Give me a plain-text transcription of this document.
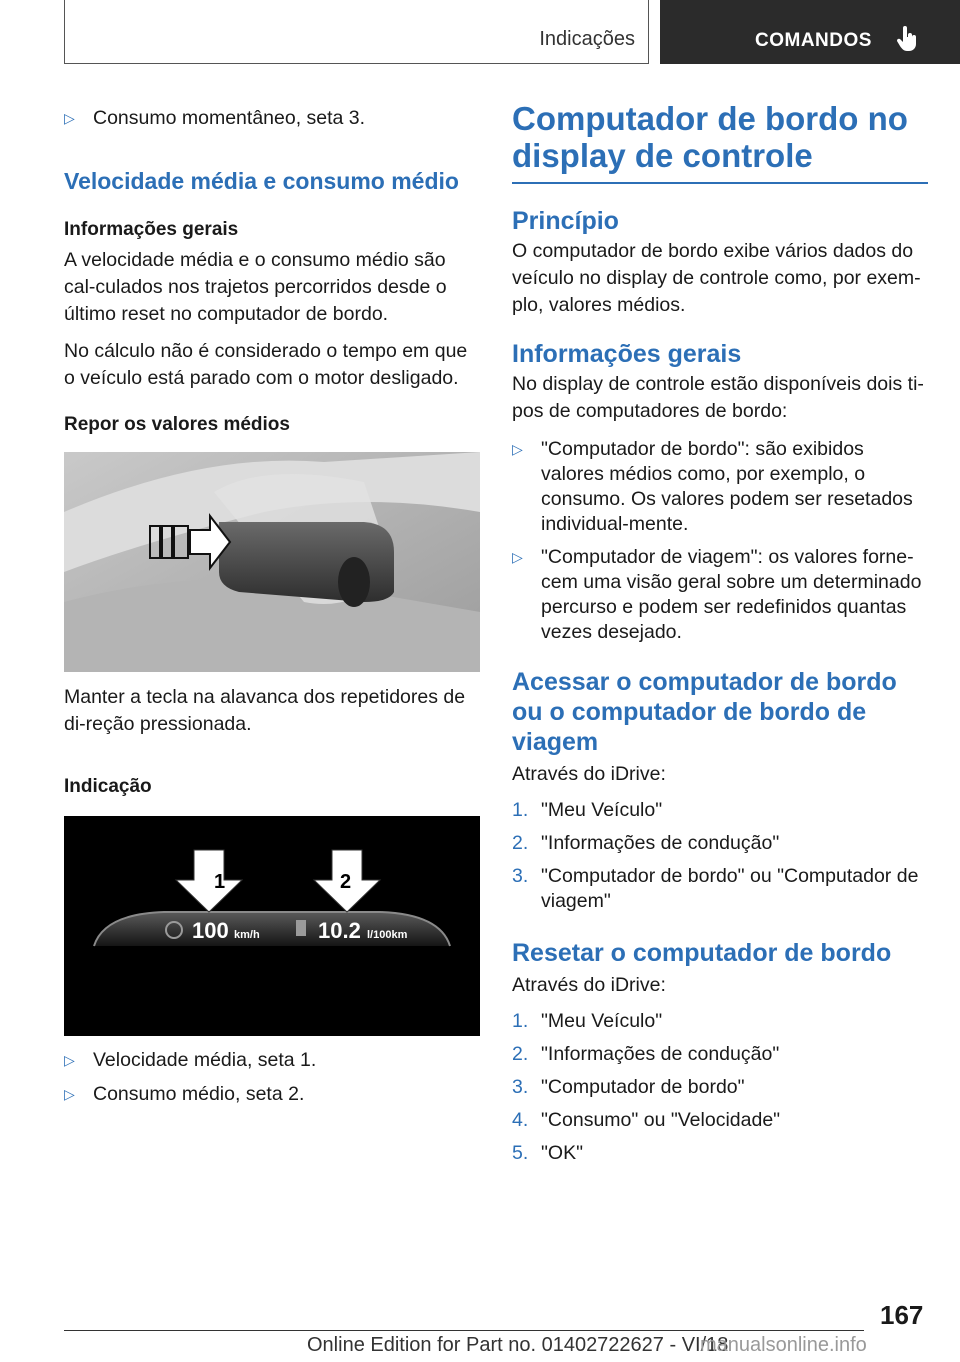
Indicações	COMANDOS

▷ Consumo momentâneo, seta 3.

Velocidade média e consumo médio

Informações gerais

A velocidade média e o consumo médio são cal-culados nos trajetos percorridos desde o último reset no computador de bordo.

No cálculo não é considerado o tempo em que o veículo está parado com o motor desligado.

Repor os valores médios

Manter a tecla na alavanca dos repetidores de di-reção pressionada.

Indicação

1	2
100 km/h	10.2 l/100km

▷ Velocidade média, seta 1.

▷ Consumo médio, seta 2.

Computador de bordo no display de controle

Princípio

O computador de bordo exibe vários dados do veículo no display de controle como, por exem-plo, valores médios.

Informações gerais

No display de controle estão disponíveis dois ti-pos de computadores de bordo:

▷ "Computador de bordo": são exibidos valores médios como, por exemplo, o consumo. Os valores podem ser resetados individual-mente.

▷ "Computador de viagem": os valores forne-cem uma visão geral sobre um determinado percurso e podem ser redefinidos quantas vezes desejado.

Acessar o computador de bordo ou o computador de bordo de viagem

Através do iDrive:

1. "Meu Veículo"

2. "Informações de condução"

3. "Computador de bordo" ou "Computador de viagem"

Resetar o computador de bordo

Através do iDrive:

1. "Meu Veículo"

2. "Informações de condução"

3. "Computador de bordo"

4. "Consumo" ou "Velocidade"

5. "OK"

167
Online Edition for Part no. 01402722627 - VI/18
manualsonline.info
